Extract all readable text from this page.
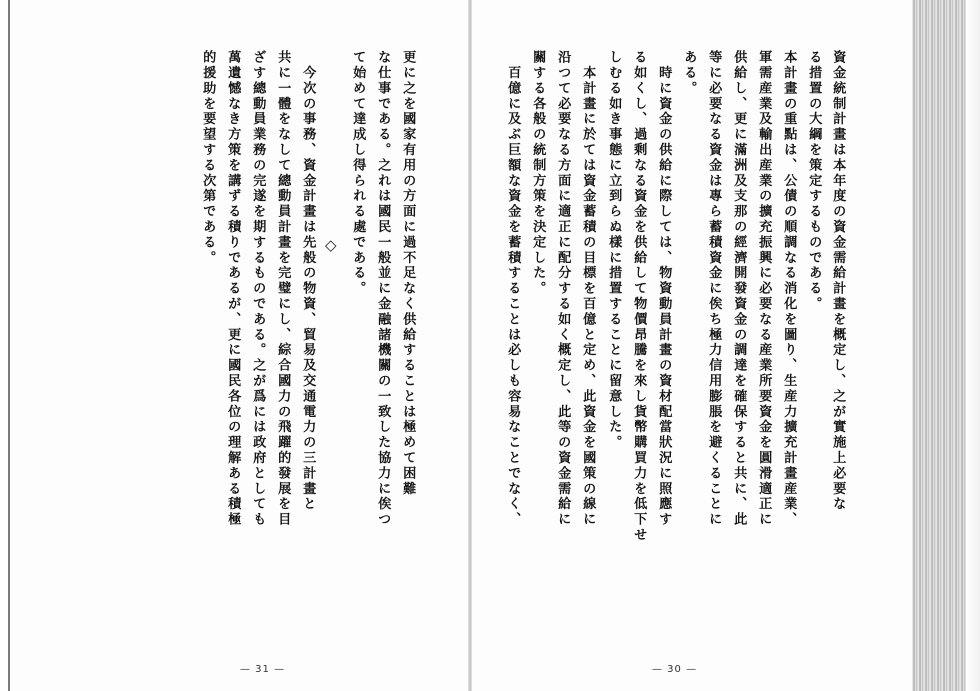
資金統制計畫は本年度の資金需給計畫を概定し、之が實施上必要な
る措置の大綱を策定するものである。
本計畫の重點は、公債の順調なる消化を圖り、生産力擴充計畫産業、
軍需産業及輸出産業の擴充振興に必要なる産業所要資金を圓滑適正に
供給し、更に滿洲及支那の經濟開發資金の調達を確保すると共に、此
等に必要なる資金は專ら蓄積資金に俟ち極力信用膨脹を避くることに
ある。
　時に資金の供給に際しては、物資動員計畫の資材配當狀況に照應す
る如くし、過剩なる資金を供給して物價昂騰を來し貨幣購買力を低下せ
しむる如き事態に立到らぬ樣に措置することに留意した。
　本計畫に於ては資金蓄積の目標を百億と定め、此資金を國策の線に
沿つて必要なる方面に適正に配分する如く概定し、此等の資金需給に
關する各般の統制方策を決定した。
　百億に及ぶ巨額な資金を蓄積することは必しも容易なことでなく、
— 30 —
更に之を國家有用の方面に過不足なく供給することは極めて困難
な仕事である。之れは國民一般並に金融諸機關の一致した協力に俟つ
て始めて達成し得られる處である。
◇
　今次の事務、資金計畫は先般の物資、貿易及交通電力の三計畫と
共に一體をなして總動員計畫を完璧にし、綜合國力の飛躍的發展を目
ざす總動員業務の完遂を期するものである。之が爲には政府としても
萬遺憾なき方策を講ずる積りであるが、更に國民各位の理解ある積極
的援助を要望する次第である。
— 31 —
